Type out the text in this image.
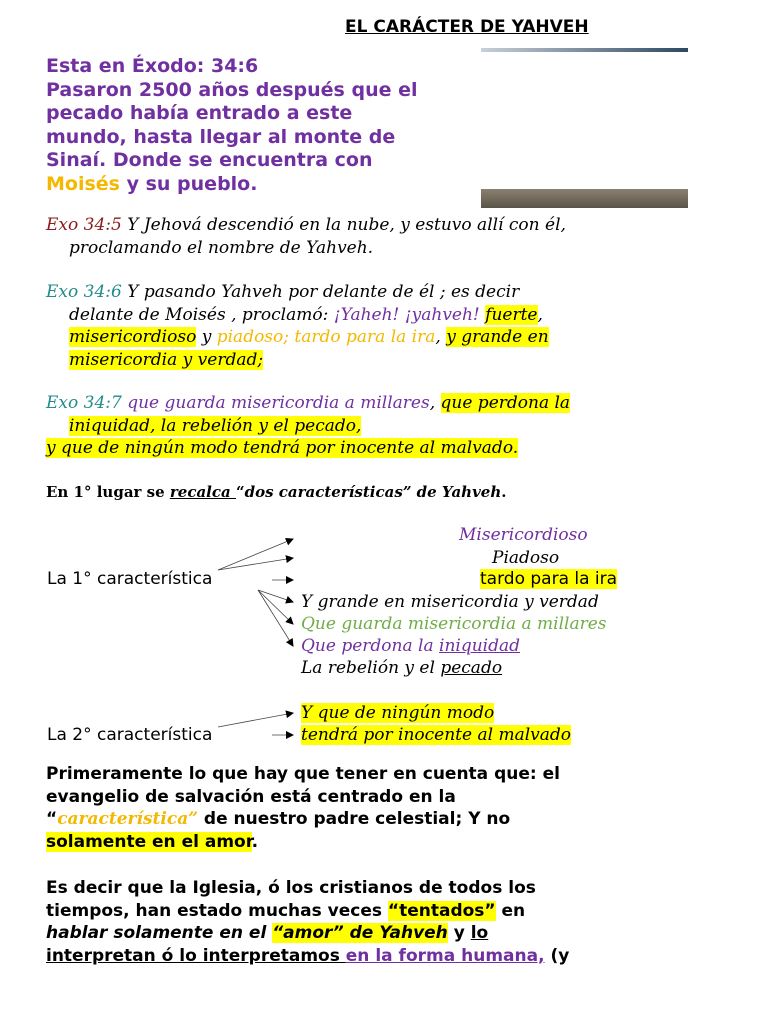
EL CARÁCTER DE YAHVEH
Esta en Éxodo: 34:6
Pasaron 2500 años después que el
pecado había entrado a este
mundo, hasta llegar al monte de
Sinaí. Donde se encuentra con
Moisés y su pueblo.
Exo 34:5 Y Jehová descendió en la nube, y estuvo allí con él,
proclamando el nombre de Yahveh.
Exo 34:6 Y pasando Yahveh por delante de él ; es decir
delante de Moisés , proclamó: ¡Yaheh! ¡yahveh! fuerte,
misericordioso y piadoso; tardo para la ira, y grande en
misericordia y verdad;
Exo 34:7 que guarda misericordia a millares, que perdona la
iniquidad, la rebelión y el pecado,
y que de ningún modo tendrá por inocente al malvado.
En 1° lugar se recalca “dos características” de Yahveh.
La 1° característica
Misericordioso
Piadoso
tardo para la ira
Y grande en misericordia y verdad
Que guarda misericordia a millares
Que perdona la iniquidad
La rebelión y el pecado
La 2° característica
Y que de ningún modo
tendrá por inocente al malvado
Primeramente lo que hay que tener en cuenta que: el
evangelio de salvación está centrado en la
“característica” de nuestro padre celestial; Y no
solamente en el amor.
Es decir que la Iglesia, ó los cristianos de todos los
tiempos, han estado muchas veces “tentados” en
hablar solamente en el “amor” de Yahveh y lo
interpretan ó lo interpretamos en la forma humana, (y
